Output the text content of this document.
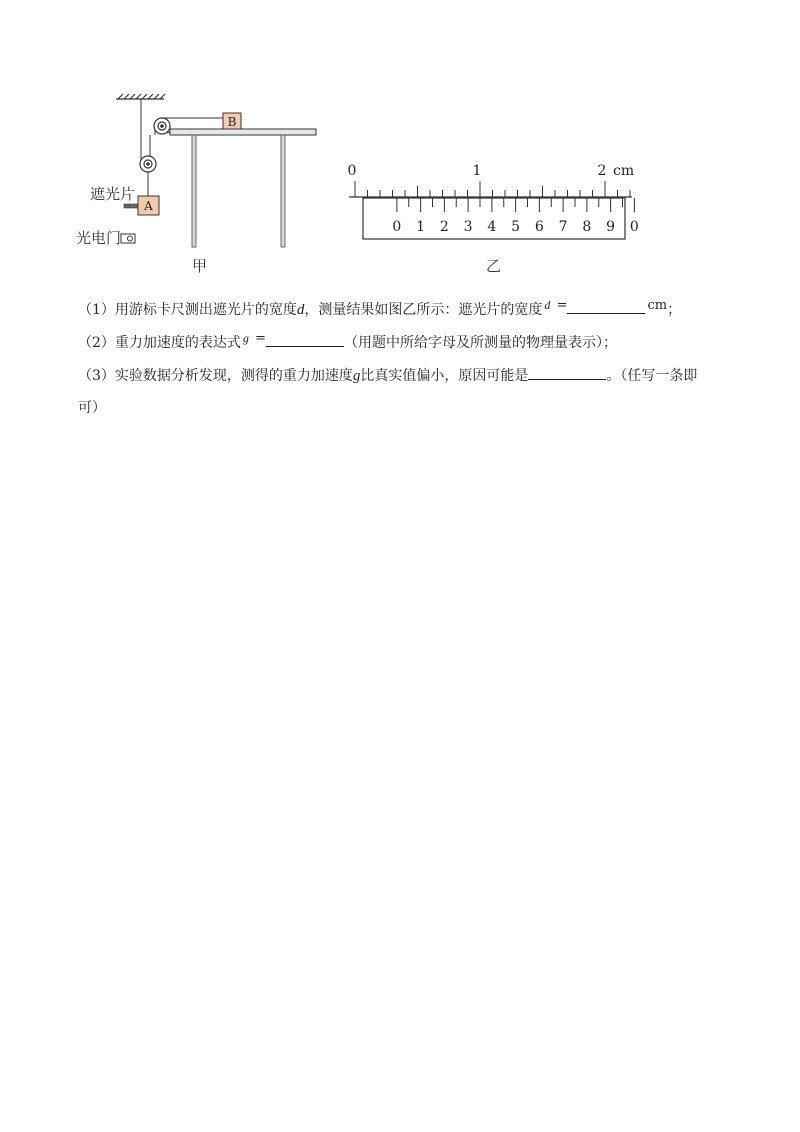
B
A
遮光片
光电门
甲
0	1	2 cm
0 1 2 3 4 5 6 7 8 9 0
乙

（1）用游标卡尺测出遮光片的宽度d，测量结果如图乙所示：遮光片的宽度 d =	cm；

（2）重力加速度的表达式 g =	（用题中所给字母及所测量的物理量表示）；

（3）实验数据分析发现，测得的重力加速度g比真实值偏小，原因可能是	。（任写一条即可）
